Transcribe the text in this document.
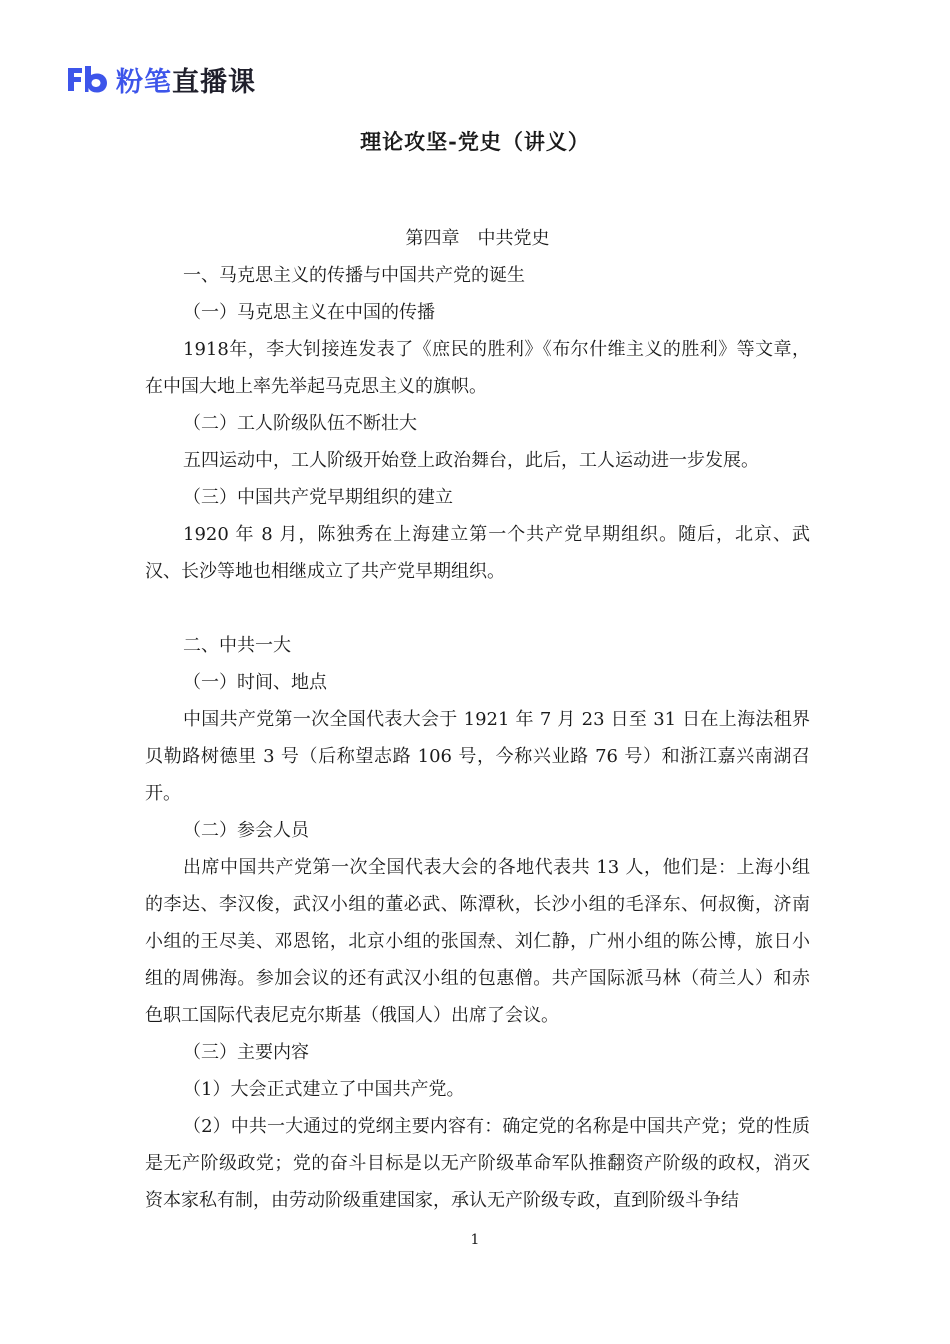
粉笔 直播课
理论攻坚-党史（讲义）

第四章 中共党史

一、马克思主义的传播与中国共产党的诞生

（一）马克思主义在中国的传播

1918年，李大钊接连发表了《庶民的胜利》《布尔什维主义的胜利》等文章，在中国大地上率先举起马克思主义的旗帜。

（二）工人阶级队伍不断壮大

五四运动中，工人阶级开始登上政治舞台，此后，工人运动进一步发展。

（三）中国共产党早期组织的建立

1920 年 8 月，陈独秀在上海建立第一个共产党早期组织。随后，北京、武汉、长沙等地也相继成立了共产党早期组织。

二、中共一大

（一）时间、地点

中国共产党第一次全国代表大会于 1921 年 7 月 23 日至 31 日在上海法租界贝勒路树德里 3 号（后称望志路 106 号，今称兴业路 76 号）和浙江嘉兴南湖召开。

（二）参会人员

出席中国共产党第一次全国代表大会的各地代表共 13 人，他们是：上海小组的李达、李汉俊，武汉小组的董必武、陈潭秋，长沙小组的毛泽东、何叔衡，济南小组的王尽美、邓恩铭，北京小组的张国焘、刘仁静，广州小组的陈公博，旅日小组的周佛海。参加会议的还有武汉小组的包惠僧。共产国际派马林（荷兰人）和赤色职工国际代表尼克尔斯基（俄国人）出席了会议。

（三）主要内容

（1）大会正式建立了中国共产党。

（2）中共一大通过的党纲主要内容有：确定党的名称是中国共产党；党的性质是无产阶级政党；党的奋斗目标是以无产阶级革命军队推翻资产阶级的政权，消灭资本家私有制，由劳动阶级重建国家，承认无产阶级专政，直到阶级斗争结

1
